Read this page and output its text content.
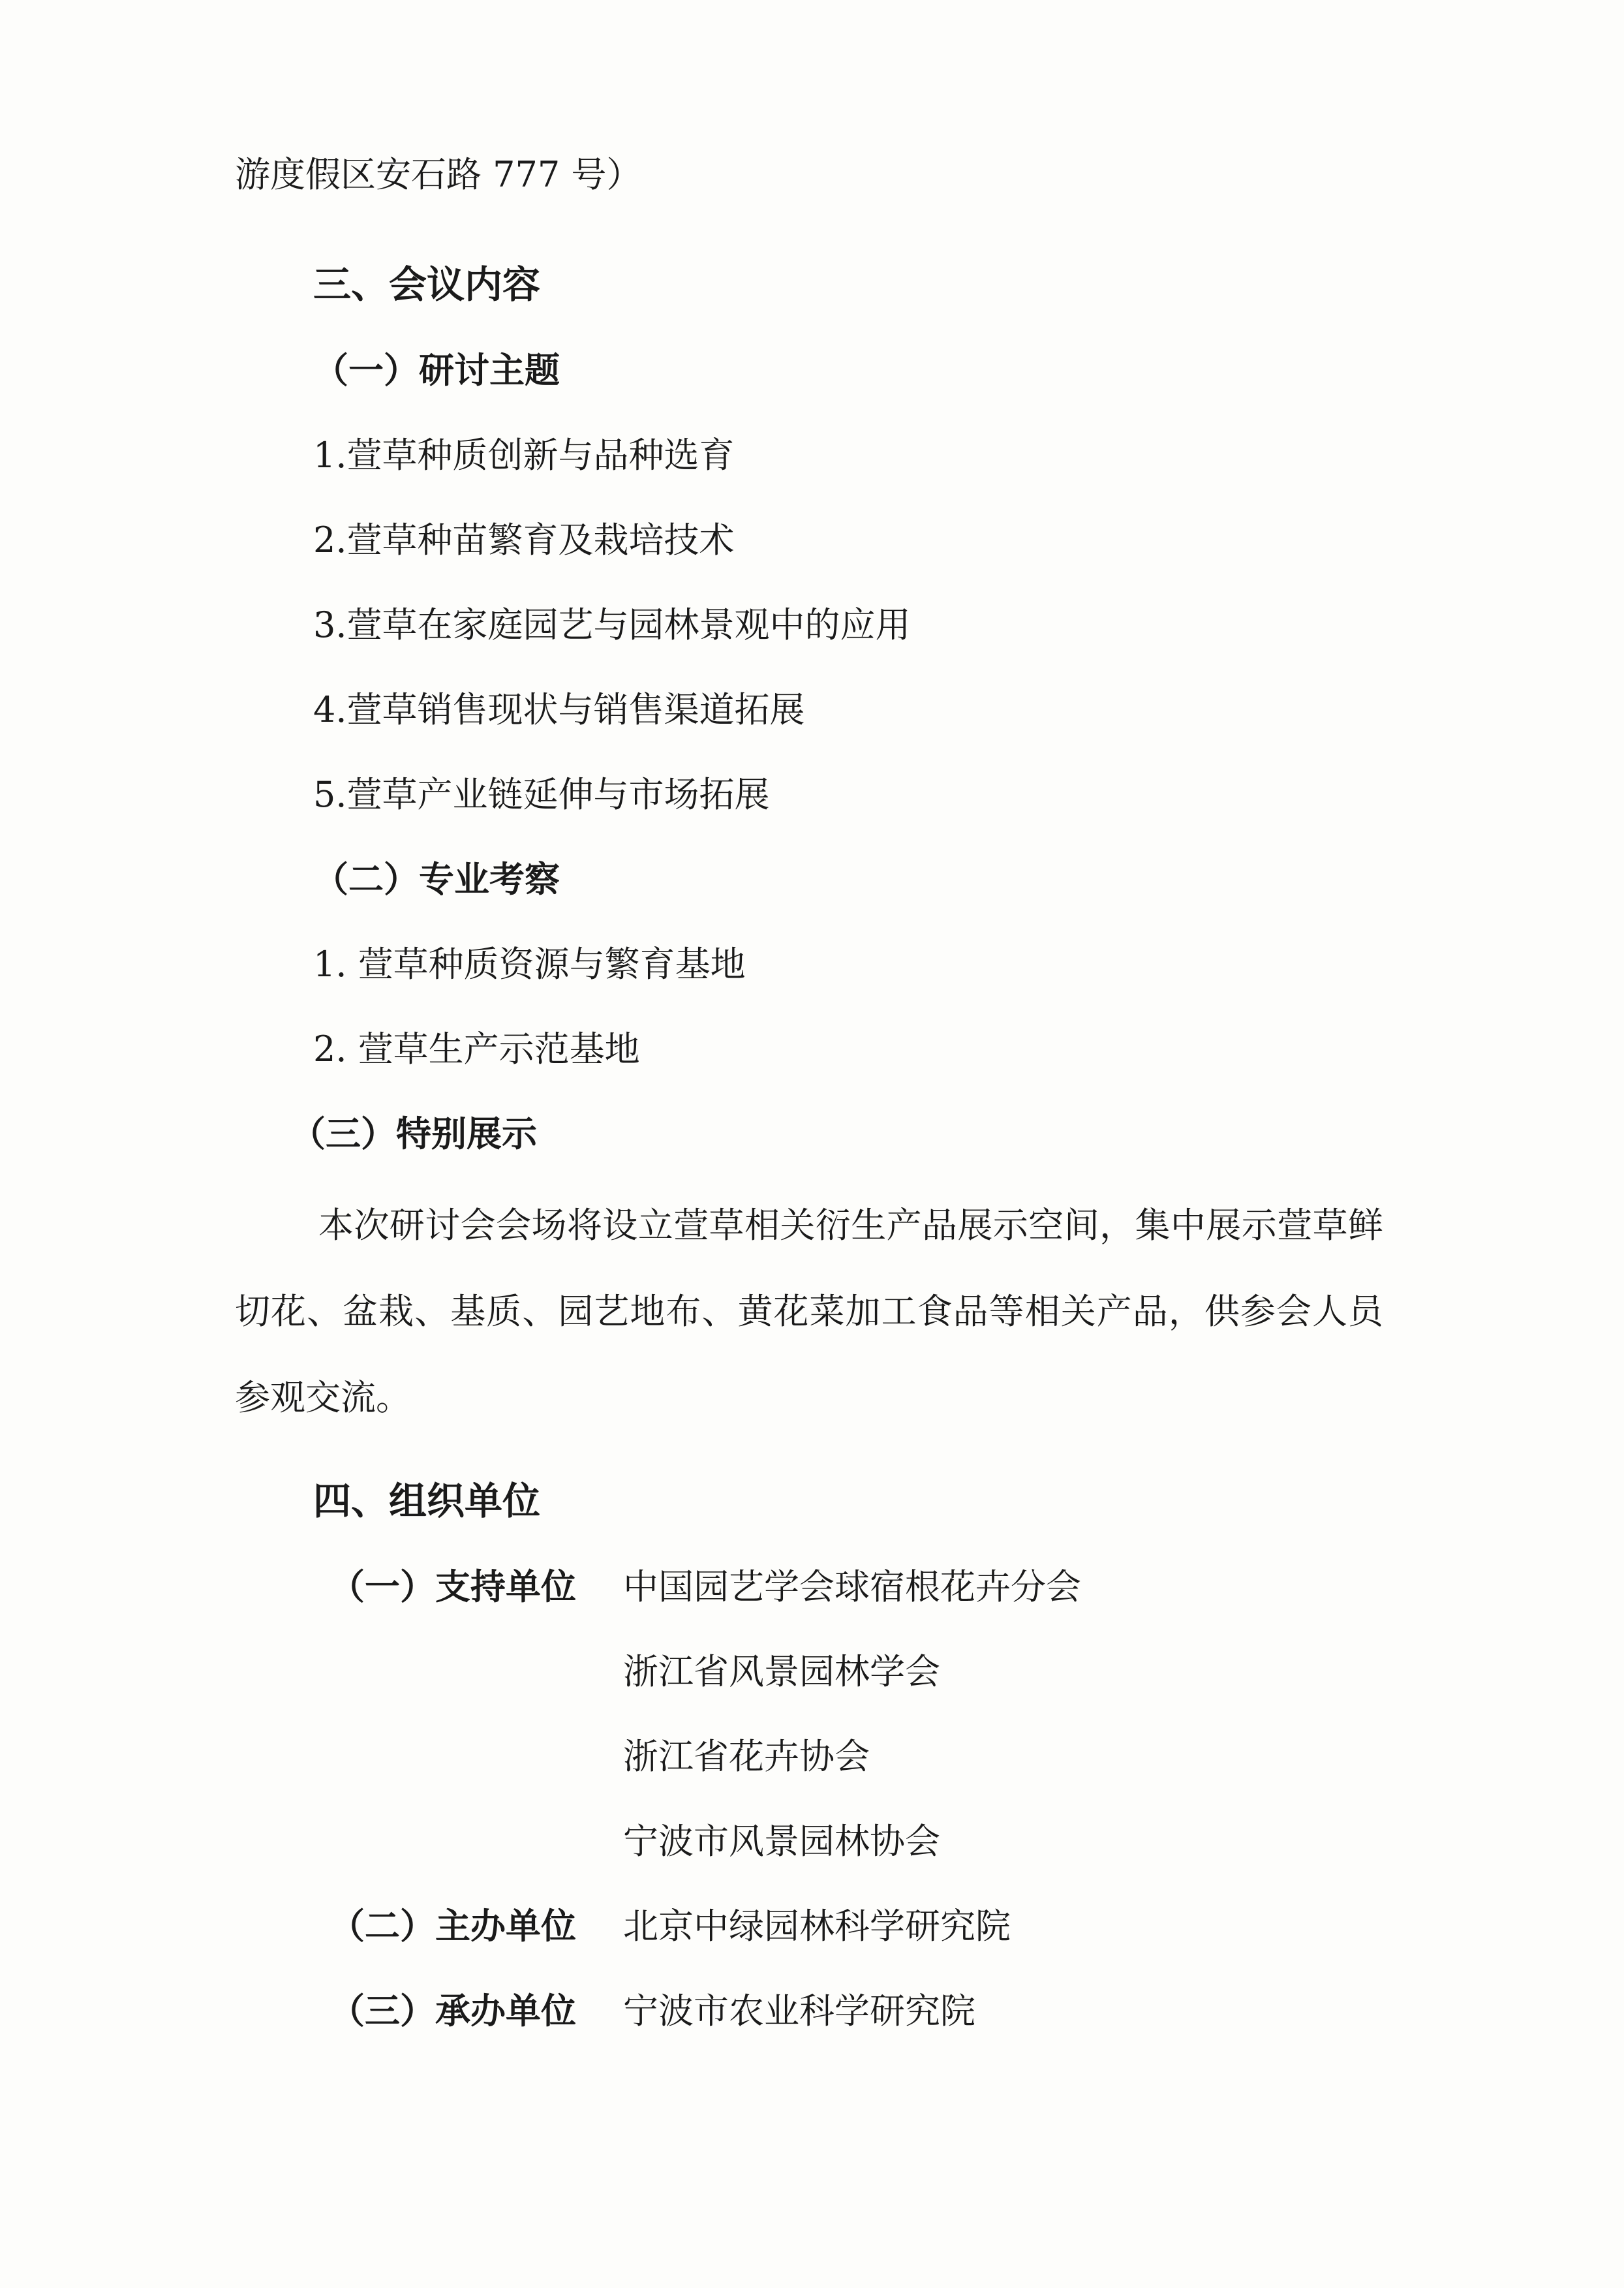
游度假区安石路 777 号）
三、会议内容
（一）研讨主题
1.萱草种质创新与品种选育
2.萱草种苗繁育及栽培技术
3.萱草在家庭园艺与园林景观中的应用
4.萱草销售现状与销售渠道拓展
5.萱草产业链延伸与市场拓展
（二）专业考察
1. 萱草种质资源与繁育基地
2. 萱草生产示范基地
（三）特别展示
本次研讨会会场将设立萱草相关衍生产品展示空间，集中展示萱草鲜切花、盆栽、基质、园艺地布、黄花菜加工食品等相关产品，供参会人员参观交流。
四、组织单位
（一）支持单位 中国园艺学会球宿根花卉分会
浙江省风景园林学会
浙江省花卉协会
宁波市风景园林协会
（二）主办单位 北京中绿园林科学研究院
（三）承办单位 宁波市农业科学研究院
